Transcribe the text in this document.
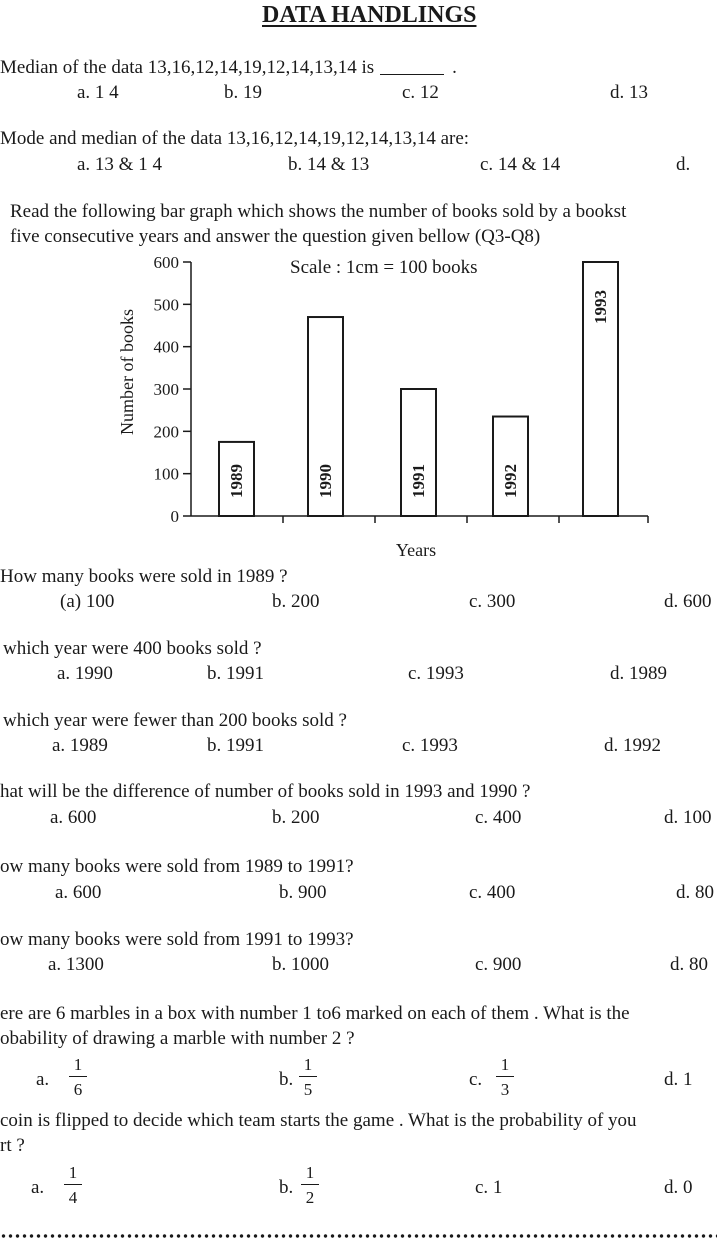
DATA HANDLINGS
Median of the data 13,16,12,14,19,12,14,13,14 is	.
a. 1 4	b. 19	c. 12	d. 13
Mode and median of the data 13,16,12,14,19,12,14,13,14 are:
a. 13 & 1 4	b. 14 & 13	c. 14 & 14	d.
Read the following bar graph which shows the number of books sold by a bookst
five consecutive years and answer the question given bellow (Q3-Q8)
Scale : 1cm = 100 books
Number of books
Years
0
100
200
300
400
500
600
1989	1990	1991	1992
1993
How many books were sold in 1989 ?
(a) 100	b. 200	c. 300	d. 600
which year were 400 books sold ?
a. 1990	b. 1991	c. 1993	d. 1989
which year were fewer than 200 books sold ?
a. 1989	b. 1991	c. 1993	d. 1992
hat will be the difference of number of books sold in 1993 and 1990 ?
a. 600	b. 200	c. 400	d. 100
ow many books were sold from 1989 to 1991?
a. 600	b. 900	c. 400	d. 80
ow many books were sold from 1991 to 1993?
a. 1300	b. 1000	c. 900	d. 80
ere are 6 marbles in a box with number 1 to6 marked on each of them . What is the
obability of drawing a marble with number 2 ?
a.
1
6	b.
1
5	c.
1
3	d. 1
coin is flipped to decide which team starts the game . What is the probability of you
rt ?
a.
1
4	b.
1
2	c. 1	d. 0
